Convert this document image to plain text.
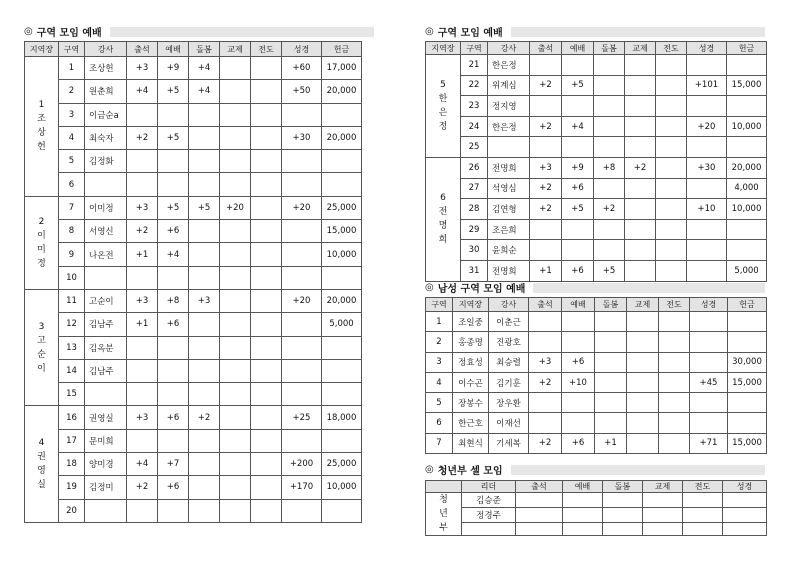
◎ 구역 모임 예배
지역장	구역	강사	출석	예배	돌봄	교제	전도	성경	헌금

1
조
상
헌	1	조상헌	+3	+9	+4			+60	17,000
	2	원춘희	+4	+5	+4			+50	20,000
	3	이금순a							
	4	최숙자	+2	+5				+30	20,000
	5	김정화							
	6								

2
이
미
정	7	이미정	+3	+5	+5	+20		+20	25,000
	8	서영신	+2	+6					15,000
	9	나온전	+1	+4					10,000
	10								

3
고
순
이	11	고순이	+3	+8	+3			+20	20,000
	12	김남주	+1	+6					5,000
	13	김옥분							
	14	김남주							
	15								

4
권
영
실	16	권영실	+3	+6	+2			+25	18,000
	17	문미희							
	18	양미경	+4	+7				+200	25,000
	19	김정미	+2	+6				+170	10,000
	20								
◎ 구역 모임 예배
지역장	구역	강사	출석	예배	돌봄	교제	전도	성경	헌금

5
한
은
정	21	한은정							
	22	위계심	+2	+5				+101	15,000
	23	정지영							
	24	한은정	+2	+4				+20	10,000
	25								

6
전
명
희	26	전명희	+3	+9	+8	+2		+30	20,000
	27	석영심	+2	+6					4,000
	28	김연형	+2	+5	+2			+10	10,000
	29	조은희							
	30	윤희순							
	31	전명희	+1	+6	+5				5,000
◎ 남성 구역 모임 예배
구역	지역장	강사	출석	예배	돌봄	교제	전도	성경	헌금
1	조일중	이춘근							
2	홍종명	진광호							
3	정효성	최승렬	+3	+6					30,000
4	이수곤	김기훈	+2	+10				+45	15,000
5	장봉수	장우환							
6	한근호	이재선							
7	최현식	기세복	+2	+6	+1			+71	15,000
◎ 청년부 셀 모임
	리더	출석	예배	돌봄	교제	전도	성경

청
년
부	김승준						
	정경주						
